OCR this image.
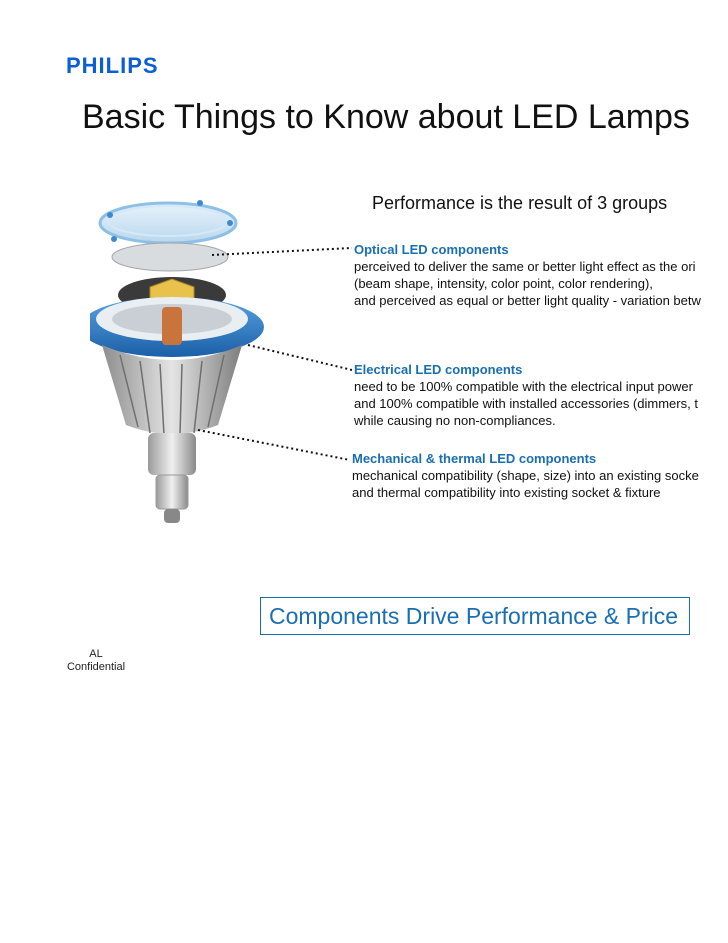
PHILIPS
Basic Things to Know about LED Lamps
Performance is the result of 3 groups
Optical LED components
perceived to deliver the same or better light effect as the ori
(beam shape, intensity, color point, color rendering),
and perceived as equal or better light quality - variation betw
Electrical LED components
need to be 100% compatible with the electrical input power
and 100% compatible with installed accessories (dimmers, t
while causing no non-compliances.
Mechanical & thermal LED components
mechanical compatibility (shape, size) into an existing socke
and thermal compatibility into existing socket & fixture
Components Drive Performance & Price
AL
Confidential
